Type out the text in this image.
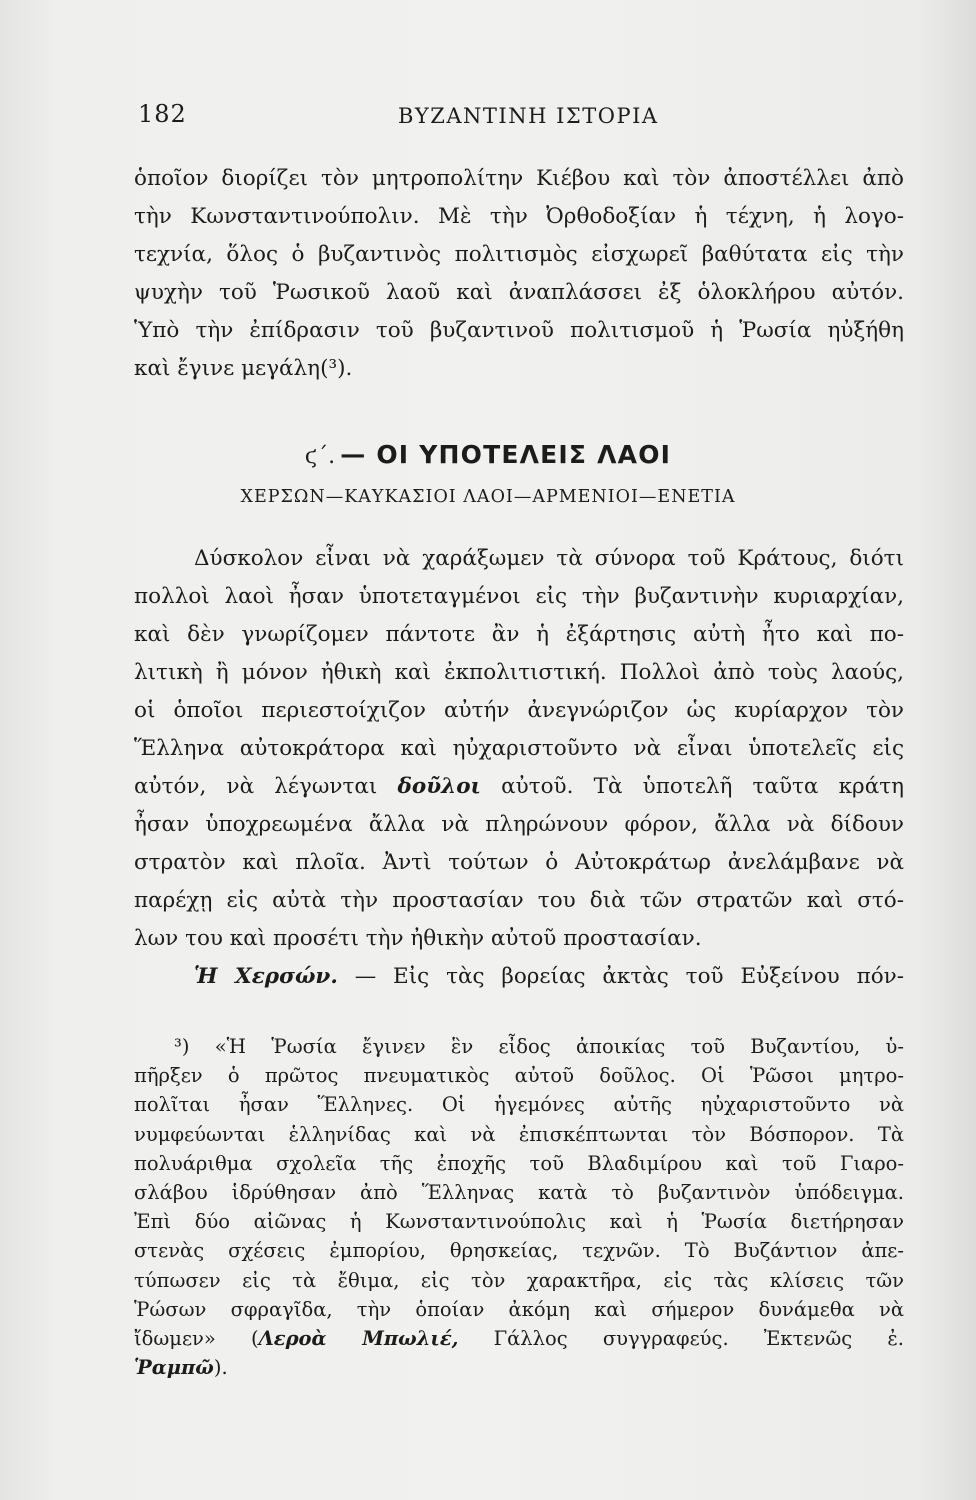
182	ΒΥΖΑΝΤΙΝΗ ΙΣΤΟΡΙΑ
ὁποῖον διορίζει τὸν μητροπολίτην Κιέβου καὶ τὸν ἀποστέλλει ἀπὸ
τὴν Κωνσταντινούπολιν. Μὲ τὴν Ὀρθοδοξίαν ἡ τέχνη, ἡ λογο-
τεχνία, ὅλος ὁ βυζαντινὸς πολιτισμὸς εἰσχωρεῖ βαθύτατα εἰς τὴν
ψυχὴν τοῦ Ῥωσικοῦ λαοῦ καὶ ἀναπλάσσει ἐξ ὁλοκλήρου αὐτόν.
Ὑπὸ τὴν ἐπίδρασιν τοῦ βυζαντινοῦ πολιτισμοῦ ἡ Ῥωσία ηὐξήθη
καὶ ἔγινε μεγάλη(³).
ϛ΄. — ΟΙ ΥΠΟΤΕΛΕΙΣ ΛΑΟΙ
ΧΕΡΣΩΝ—ΚΑΥΚΑΣΙΟΙ ΛΑΟΙ—ΑΡΜΕΝΙΟΙ—ΕΝΕΤΙΑ
Δύσκολον εἶναι νὰ χαράξωμεν τὰ σύνορα τοῦ Κράτους, διότι
πολλοὶ λαοὶ ἦσαν ὑποτεταγμένοι εἰς τὴν βυζαντινὴν κυριαρχίαν,
καὶ δὲν γνωρίζομεν πάντοτε ἂν ἡ ἐξάρτησις αὐτὴ ἦτο καὶ πο-
λιτικὴ ἢ μόνον ἠθικὴ καὶ ἐκπολιτιστική. Πολλοὶ ἀπὸ τοὺς λαούς,
οἱ ὁποῖοι περιεστοίχιζον αὐτήν ἀνεγνώριζον ὡς κυρίαρχον τὸν
Ἕλληνα αὐτοκράτορα καὶ ηὐχαριστοῦντο νὰ εἶναι ὑποτελεῖς εἰς
αὐτόν, νὰ λέγωνται δοῦλοι αὐτοῦ. Τὰ ὑποτελῆ ταῦτα κράτη
ἦσαν ὑποχρεωμένα ἄλλα νὰ πληρώνουν φόρον, ἄλλα νὰ δίδουν
στρατὸν καὶ πλοῖα. Ἀντὶ τούτων ὁ Αὐτοκράτωρ ἀνελάμβανε νὰ
παρέχῃ εἰς αὐτὰ τὴν προστασίαν του διὰ τῶν στρατῶν καὶ στό-
λων του καὶ προσέτι τὴν ἠθικὴν αὐτοῦ προστασίαν.
Ἡ Χερσών. — Εἰς τὰς βορείας ἀκτὰς τοῦ Εὐξείνου πόν-
³) «Ἡ Ῥωσία ἔγινεν ἓν εἶδος ἀποικίας τοῦ Βυζαντίου, ὑ-
πῆρξεν ὁ πρῶτος πνευματικὸς αὐτοῦ δοῦλος. Οἱ Ῥῶσοι μητρο-
πολῖται ἦσαν Ἕλληνες. Οἱ ἡγεμόνες αὐτῆς ηὐχαριστοῦντο νὰ
νυμφεύωνται ἑλληνίδας καὶ νὰ ἐπισκέπτωνται τὸν Βόσπορον. Τὰ
πολυάριθμα σχολεῖα τῆς ἐποχῆς τοῦ Βλαδιμίρου καὶ τοῦ Γιαρο-
σλάβου ἱδρύθησαν ἀπὸ Ἕλληνας κατὰ τὸ βυζαντινὸν ὑπόδειγμα.
Ἐπὶ δύο αἰῶνας ἡ Κωνσταντινούπολις καὶ ἡ Ῥωσία διετήρησαν
στενὰς σχέσεις ἐμπορίου, θρησκείας, τεχνῶν. Τὸ Βυζάντιον ἀπε-
τύπωσεν εἰς τὰ ἔθιμα, εἰς τὸν χαρακτῆρα, εἰς τὰς κλίσεις τῶν
Ῥώσων σφραγῖδα, τὴν ὁποίαν ἀκόμη καὶ σήμερον δυνάμεθα νὰ
ἴδωμεν» (Λεροὰ Μπωλιέ, Γάλλος συγγραφεύς. Ἐκτενῶς ἐ.
Ῥαμπῶ).
